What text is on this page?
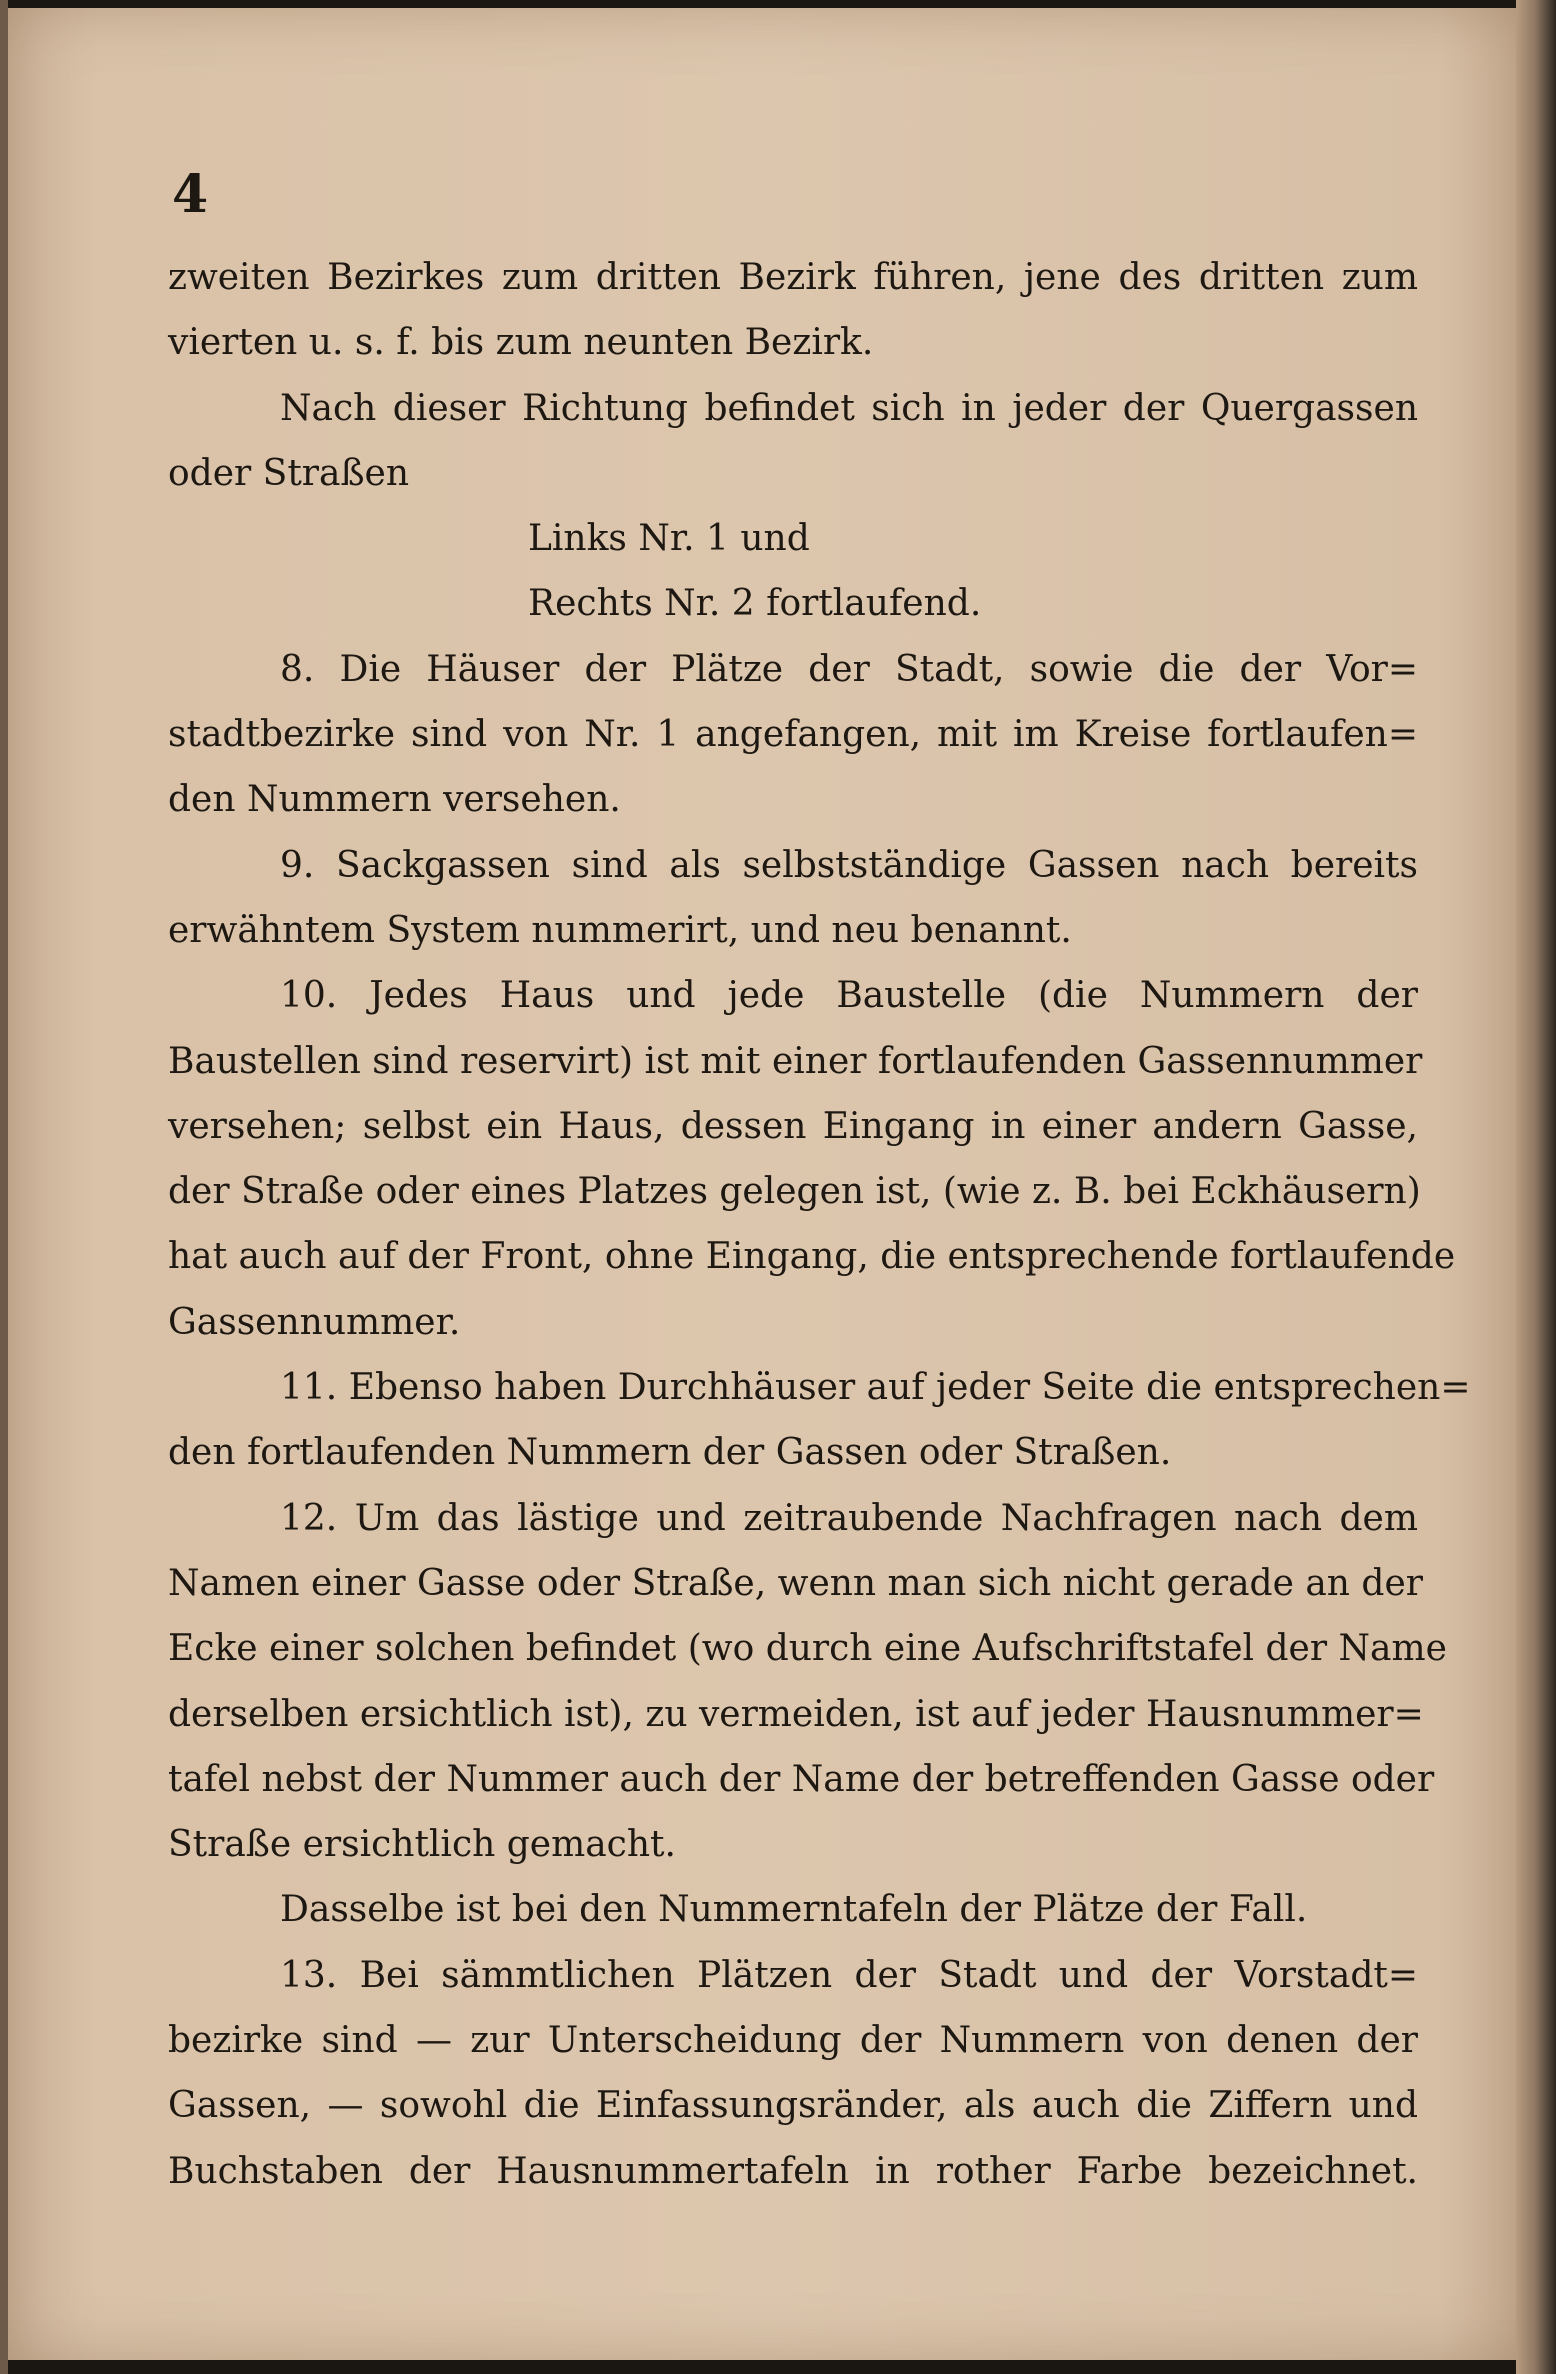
4
zweiten Bezirkes zum dritten Bezirk führen, jene des dritten zum
vierten u. s. f. bis zum neunten Bezirk.
Nach dieser Richtung befindet sich in jeder der Quergassen
oder Straßen
Links Nr. 1 und
Rechts Nr. 2 fortlaufend.
8. Die Häuser der Plätze der Stadt, sowie die der Vor=
stadtbezirke sind von Nr. 1 angefangen, mit im Kreise fortlaufen=
den Nummern versehen.
9. Sackgassen sind als selbstständige Gassen nach bereits
erwähntem System nummerirt, und neu benannt.
10. Jedes Haus und jede Baustelle (die Nummern der
Baustellen sind reservirt) ist mit einer fortlaufenden Gassennummer
versehen; selbst ein Haus, dessen Eingang in einer andern Gasse,
der Straße oder eines Platzes gelegen ist, (wie z. B. bei Eckhäusern)
hat auch auf der Front, ohne Eingang, die entsprechende fortlaufende
Gassennummer.
11. Ebenso haben Durchhäuser auf jeder Seite die entsprechen=
den fortlaufenden Nummern der Gassen oder Straßen.
12. Um das lästige und zeitraubende Nachfragen nach dem
Namen einer Gasse oder Straße, wenn man sich nicht gerade an der
Ecke einer solchen befindet (wo durch eine Aufschriftstafel der Name
derselben ersichtlich ist), zu vermeiden, ist auf jeder Hausnummer=
tafel nebst der Nummer auch der Name der betreffenden Gasse oder
Straße ersichtlich gemacht.
Dasselbe ist bei den Nummerntafeln der Plätze der Fall.
13. Bei sämmtlichen Plätzen der Stadt und der Vorstadt=
bezirke sind — zur Unterscheidung der Nummern von denen der
Gassen, — sowohl die Einfassungsränder, als auch die Ziffern und
Buchstaben der Hausnummertafeln in rother Farbe bezeichnet.
